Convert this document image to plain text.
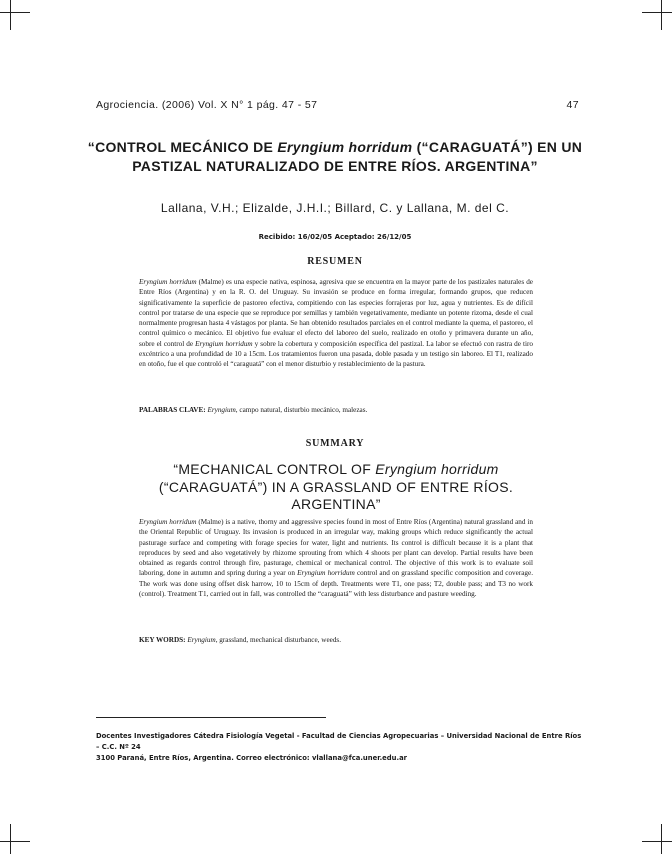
Agrociencia. (2006) Vol. X N° 1 pág. 47 - 57	47
“CONTROL MECÁNICO DE Eryngium horridum (“CARAGUATÁ”) EN UN PASTIZAL NATURALIZADO DE ENTRE RÍOS. ARGENTINA”
Lallana, V.H.; Elizalde, J.H.I.; Billard, C. y Lallana, M. del C.
Recibido: 16/02/05 Aceptado: 26/12/05
RESUMEN
Eryngium horridum (Malme) es una especie nativa, espinosa, agresiva que se encuentra en la mayor parte de los pastizales naturales de Entre Ríos (Argentina) y en la R. O. del Uruguay. Su invasión se produce en forma irregular, formando grupos, que reducen significativamente la superficie de pastoreo efectiva, compitiendo con las especies forrajeras por luz, agua y nutrientes. Es de difícil control por tratarse de una especie que se reproduce por semillas y también vegetativamente, mediante un potente rizoma, desde el cual normalmente progresan hasta 4 vástagos por planta. Se han obtenido resultados parciales en el control mediante la quema, el pastoreo, el control químico o mecánico. El objetivo fue evaluar el efecto del laboreo del suelo, realizado en otoño y primavera durante un año, sobre el control de Eryngium horridum y sobre la cobertura y composición específica del pastizal. La labor se efectuó con rastra de tiro excéntrico a una profundidad de 10 a 15cm. Los tratamientos fueron una pasada, doble pasada y un testigo sin laboreo. El T1, realizado en otoño, fue el que controló el “caraguatá” con el menor disturbio y restablecimiento de la pastura.
PALABRAS CLAVE: Eryngium, campo natural, disturbio mecánico, malezas.
SUMMARY
“MECHANICAL CONTROL OF Eryngium horridum (“CARAGUATÁ”) IN A GRASSLAND OF ENTRE RÍOS. ARGENTINA”
Eryngium horridum (Malme) is a native, thorny and aggressive species found in most of Entre Ríos (Argentina) natural grassland and in the Oriental Republic of Uruguay. Its invasion is produced in an irregular way, making groups which reduce significantly the actual pasturage surface and competing with forage species for water, light and nutrients. Its control is difficult because it is a plant that reproduces by seed and also vegetatively by rhizome sprouting from which 4 shoots per plant can develop. Partial results have been obtained as regards control through fire, pasturage, chemical or mechanical control. The objective of this work is to evaluate soil laboring, done in autumn and spring during a year on Eryngium horridum control and on grassland specific composition and coverage. The work was done using offset disk harrow, 10 to 15cm of depth. Treatments were T1, one pass; T2, double pass; and T3 no work (control). Treatment T1, carried out in fall, was controlled the “caraguatá” with less disturbance and pasture weeding.
KEY WORDS: Eryngium, grassland, mechanical disturbance, weeds.
Docentes Investigadores Cátedra Fisiología Vegetal - Facultad de Ciencias Agropecuarias – Universidad Nacional de Entre Ríos – C.C. Nº 24
3100 Paraná, Entre Ríos, Argentina. Correo electrónico: vlallana@fca.uner.edu.ar
